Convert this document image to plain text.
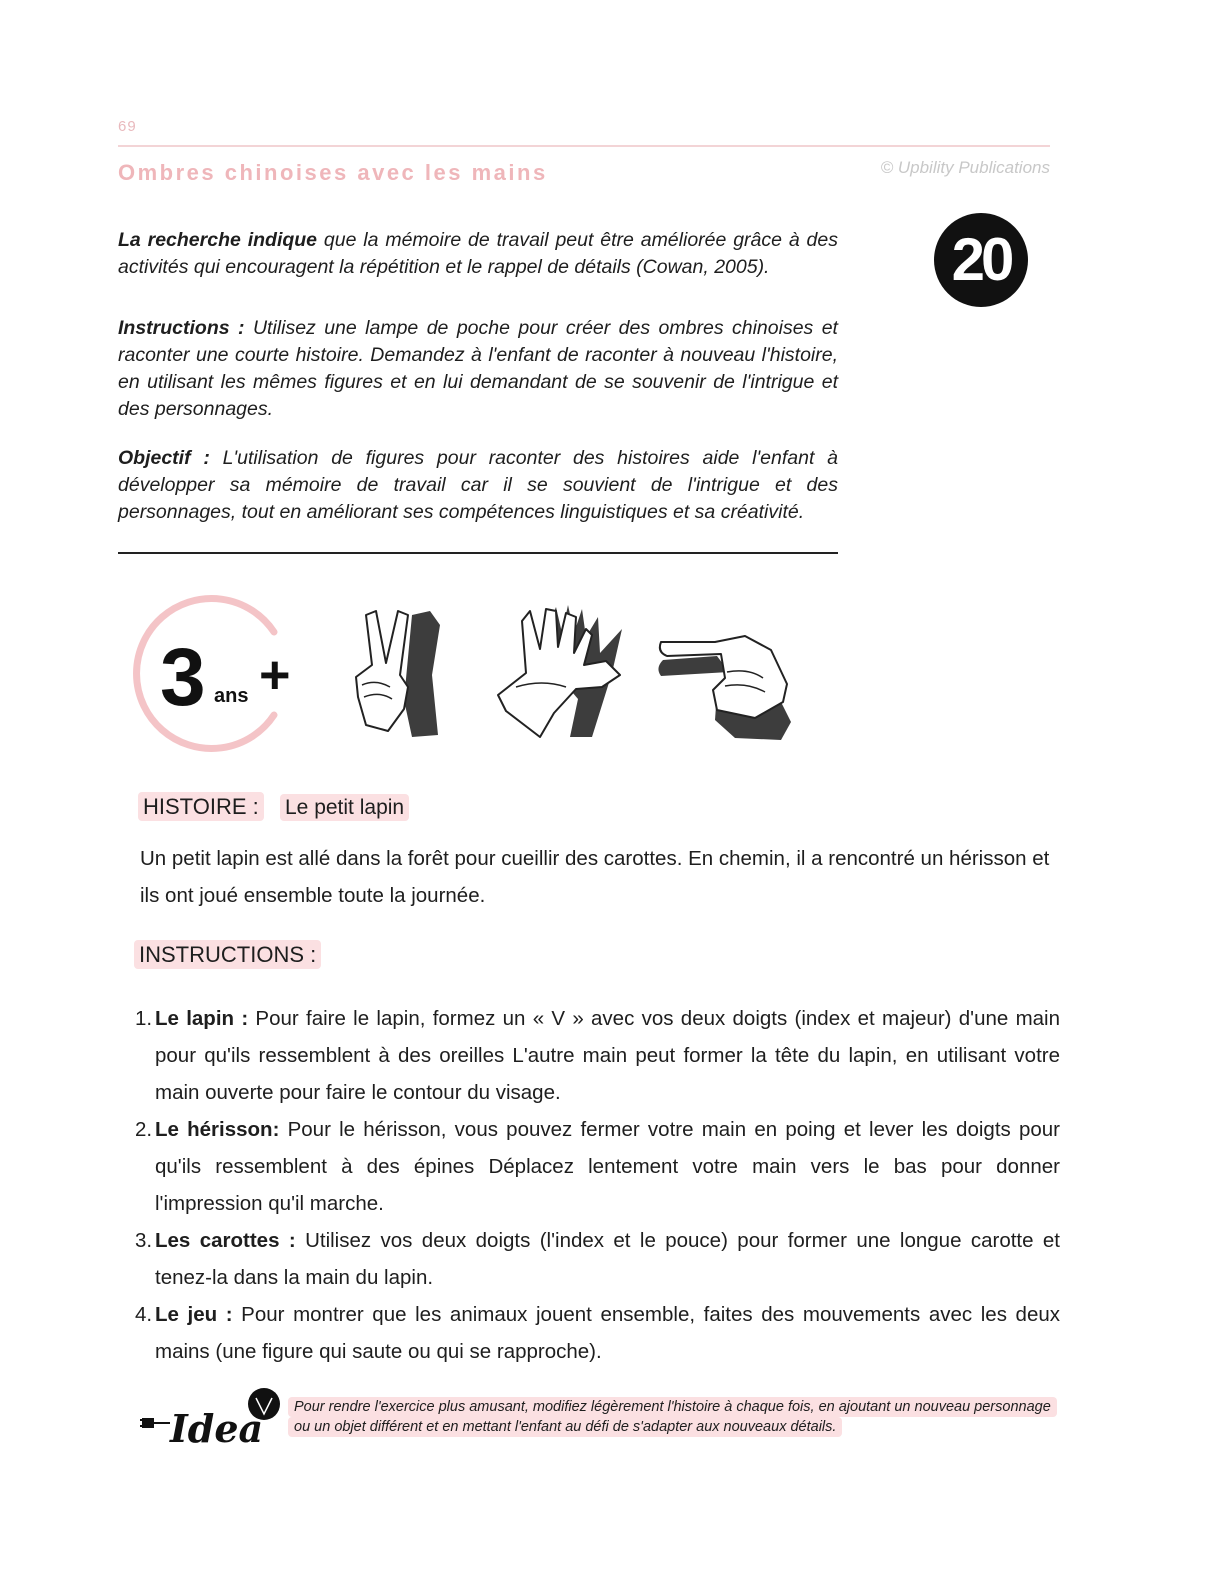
69
Ombres chinoises avec les mains	© Upbility Publications
20
La recherche indique que la mémoire de travail peut être améliorée grâce à des activités qui encouragent la répétition et le rappel de détails (Cowan, 2005).
Instructions : Utilisez une lampe de poche pour créer des ombres chinoises et raconter une courte histoire. Demandez à l'enfant de raconter à nouveau l'histoire, en utilisant les mêmes figures et en lui demandant de se souvenir de l'intrigue et des personnages.
Objectif : L'utilisation de figures pour raconter des histoires aide l'enfant à développer sa mémoire de travail car il se souvient de l'intrigue et des personnages, tout en améliorant ses compétences linguistiques et sa créativité.
3 ans +
HISTOIRE : Le petit lapin
Un petit lapin est allé dans la forêt pour cueillir des carottes. En chemin, il a rencontré un hérisson et ils ont joué ensemble toute la journée.
INSTRUCTIONS :
1. Le lapin : Pour faire le lapin, formez un « V » avec vos deux doigts (index et majeur) d'une main pour qu'ils ressemblent à des oreilles L'autre main peut former la tête du lapin, en utilisant votre main ouverte pour faire le contour du visage.
2. Le hérisson: Pour le hérisson, vous pouvez fermer votre main en poing et lever les doigts pour qu'ils ressemblent à des épines Déplacez lentement votre main vers le bas pour donner l'impression qu'il marche.
3. Les carottes : Utilisez vos deux doigts (l'index et le pouce) pour former une longue carotte et tenez-la dans la main du lapin.
4. Le jeu : Pour montrer que les animaux jouent ensemble, faites des mouvements avec les deux mains (une figure qui saute ou qui se rapproche).
Idea	Pour rendre l'exercice plus amusant, modifiez légèrement l'histoire à chaque fois, en ajoutant un nouveau personnage ou un objet différent et en mettant l'enfant au défi de s'adapter aux nouveaux détails.
